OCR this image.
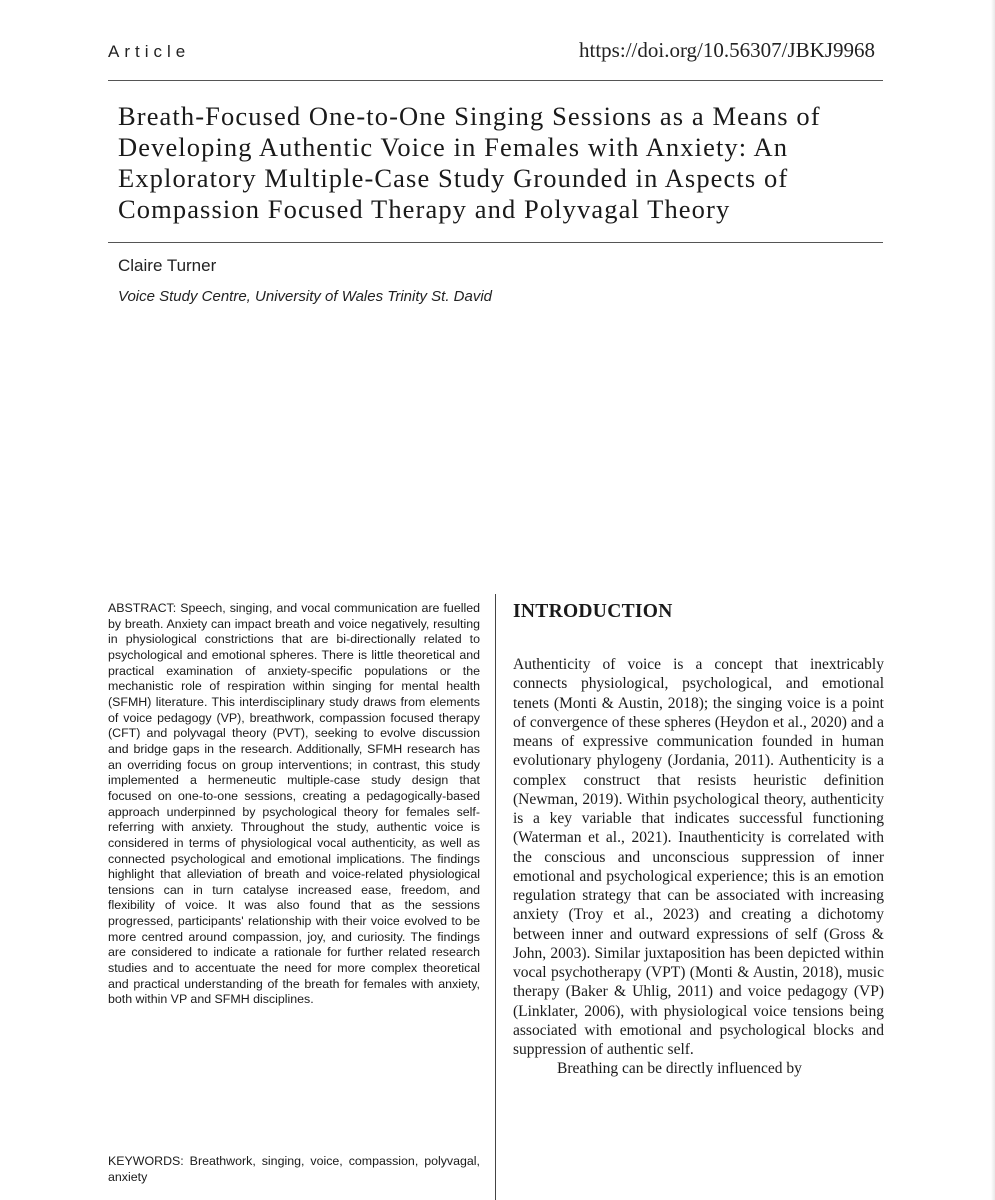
Article	https://doi.org/10.56307/JBKJ9968
Breath-Focused One-to-One Singing Sessions as a Means of Developing Authentic Voice in Females with Anxiety: An Exploratory Multiple-Case Study Grounded in Aspects of Compassion Focused Therapy and Polyvagal Theory
Claire Turner
Voice Study Centre, University of Wales Trinity St. David

ABSTRACT: Speech, singing, and vocal communication are fuelled by breath. Anxiety can impact breath and voice negatively, resulting in physiological constrictions that are bi-directionally related to psychological and emotional spheres. There is little theoretical and practical examination of anxiety-specific populations or the mechanistic role of respiration within singing for mental health (SFMH) literature. This interdisciplinary study draws from elements of voice pedagogy (VP), breathwork, compassion focused therapy (CFT) and polyvagal theory (PVT), seeking to evolve discussion and bridge gaps in the research. Additionally, SFMH research has an overriding focus on group interventions; in contrast, this study implemented a hermeneutic multiple-case study design that focused on one-to-one sessions, creating a pedagogically-based approach underpinned by psychological theory for females self-referring with anxiety. Throughout the study, authentic voice is considered in terms of physiological vocal authenticity, as well as connected psychological and emotional implications. The findings highlight that alleviation of breath and voice-related physiological tensions can in turn catalyse increased ease, freedom, and flexibility of voice. It was also found that as the sessions progressed, participants' relationship with their voice evolved to be more centred around compassion, joy, and curiosity. The findings are considered to indicate a rationale for further related research studies and to accentuate the need for more complex theoretical and practical understanding of the breath for females with anxiety, both within VP and SFMH disciplines.

KEYWORDS: Breathwork, singing, voice, compassion, polyvagal, anxiety

INTRODUCTION
Authenticity of voice is a concept that inextricably connects physiological, psychological, and emotional tenets (Monti & Austin, 2018); the singing voice is a point of convergence of these spheres (Heydon et al., 2020) and a means of expressive communication founded in human evolutionary phylogeny (Jordania, 2011). Authenticity is a complex construct that resists heuristic definition (Newman, 2019). Within psychological theory, authenticity is a key variable that indicates successful functioning (Waterman et al., 2021). Inauthenticity is correlated with the conscious and unconscious suppression of inner emotional and psychological experience; this is an emotion regulation strategy that can be associated with increasing anxiety (Troy et al., 2023) and creating a dichotomy between inner and outward expressions of self (Gross & John, 2003). Similar juxtaposition has been depicted within vocal psychotherapy (VPT) (Monti & Austin, 2018), music therapy (Baker & Uhlig, 2011) and voice pedagogy (VP) (Linklater, 2006), with physiological voice tensions being associated with emotional and psychological blocks and suppression of authentic self.
Breathing can be directly influenced by
